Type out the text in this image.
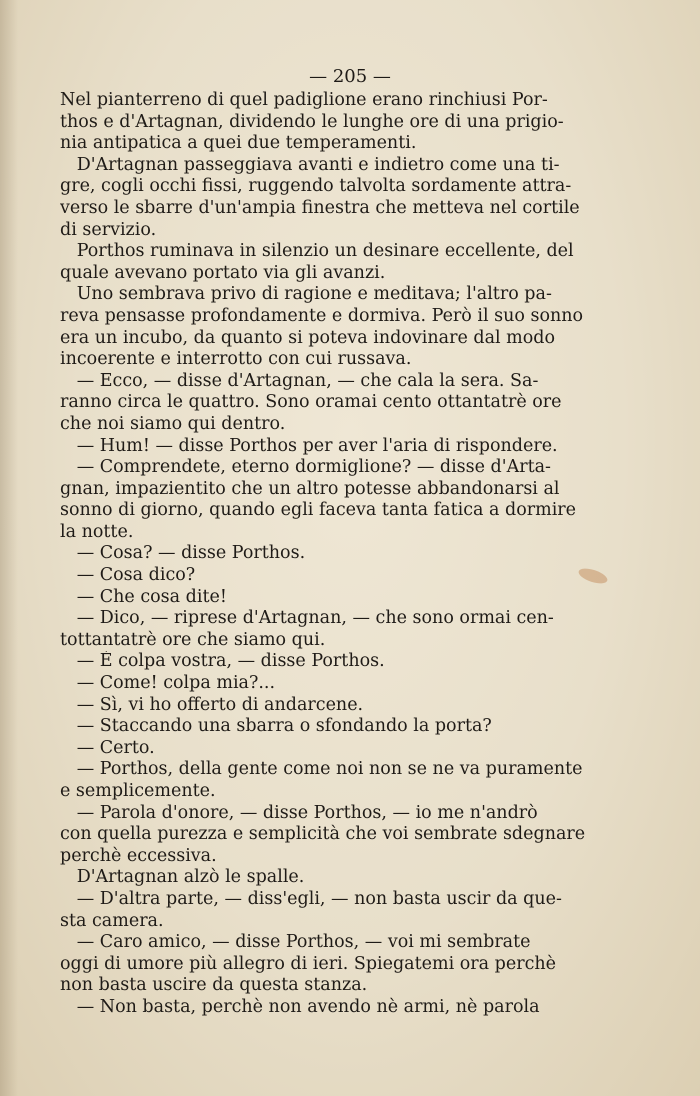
— 205 —
Nel pianterreno di quel padiglione erano rinchiusi Por-
thos e d'Artagnan, dividendo le lunghe ore di una prigio-
nia antipatica a quei due temperamenti.
D'Artagnan passeggiava avanti e indietro come una ti-
gre, cogli occhi fissi, ruggendo talvolta sordamente attra-
verso le sbarre d'un'ampia finestra che metteva nel cortile
di servizio.
Porthos ruminava in silenzio un desinare eccellente, del
quale avevano portato via gli avanzi.
Uno sembrava privo di ragione e meditava; l'altro pa-
reva pensasse profondamente e dormiva. Però il suo sonno
era un incubo, da quanto si poteva indovinare dal modo
incoerente e interrotto con cui russava.
— Ecco, — disse d'Artagnan, — che cala la sera. Sa-
ranno circa le quattro. Sono oramai cento ottantatrè ore
che noi siamo qui dentro.
— Hum! — disse Porthos per aver l'aria di rispondere.
— Comprendete, eterno dormiglione? — disse d'Arta-
gnan, impazientito che un altro potesse abbandonarsi al
sonno di giorno, quando egli faceva tanta fatica a dormire
la notte.
— Cosa? — disse Porthos.
— Cosa dico?
— Che cosa dite!
— Dico, — riprese d'Artagnan, — che sono ormai cen-
tottantatrè ore che siamo qui.
— È colpa vostra, — disse Porthos.
— Come! colpa mia?...
— Sì, vi ho offerto di andarcene.
— Staccando una sbarra o sfondando la porta?
— Certo.
— Porthos, della gente come noi non se ne va puramente
e semplicemente.
— Parola d'onore, — disse Porthos, — io me n'andrò
con quella purezza e semplicità che voi sembrate sdegnare
perchè eccessiva.
D'Artagnan alzò le spalle.
— D'altra parte, — diss'egli, — non basta uscir da que-
sta camera.
— Caro amico, — disse Porthos, — voi mi sembrate
oggi di umore più allegro di ieri. Spiegatemi ora perchè
non basta uscire da questa stanza.
— Non basta, perchè non avendo nè armi, nè parola
